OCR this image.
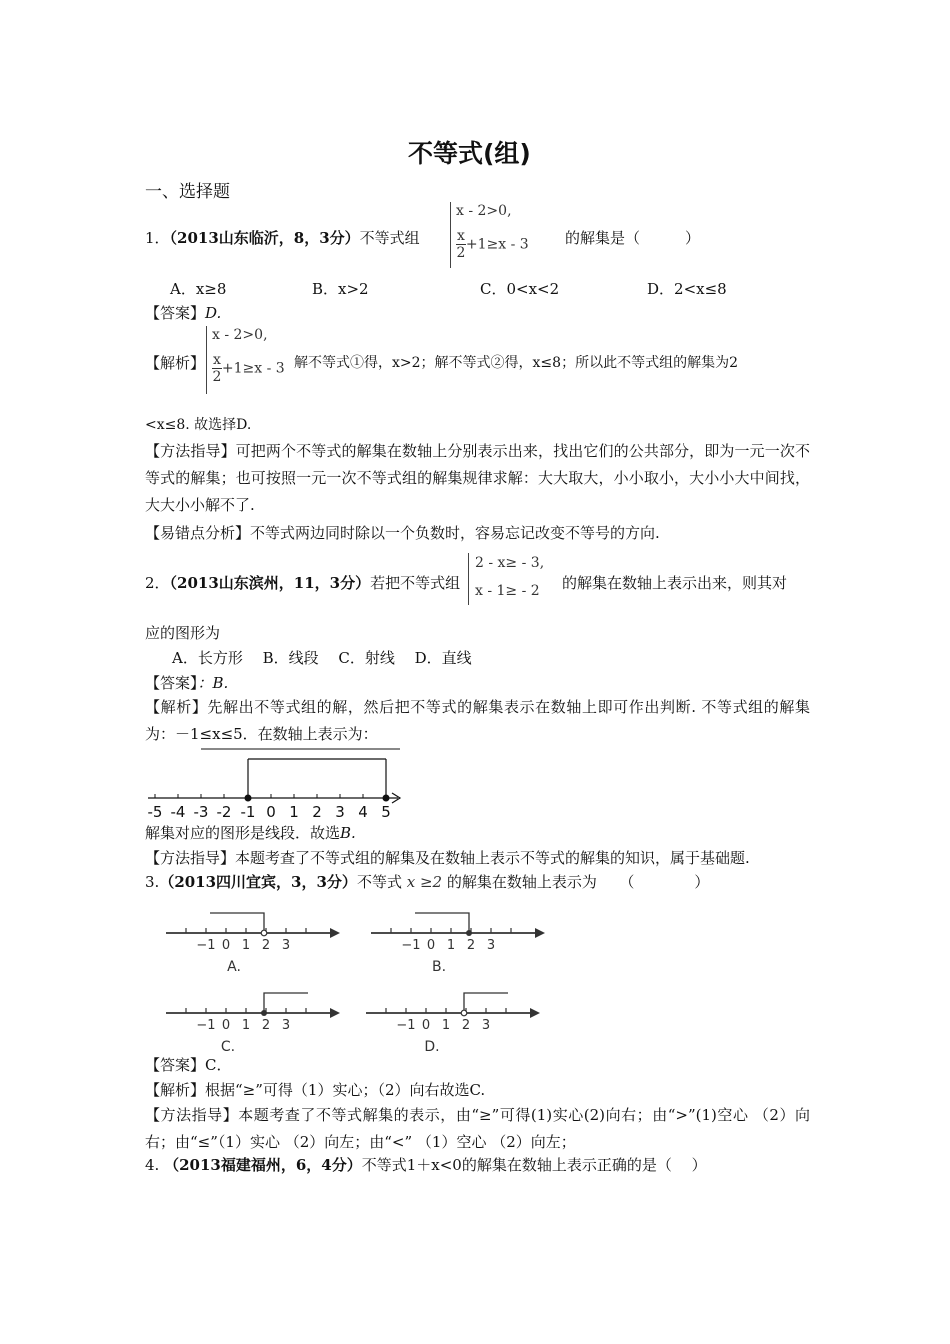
不等式(组)
一、选择题
1．（2013山东临沂，8，3分）不等式组
x - 2>0,
$\frac{x}{2} +1\ge x - 3$ 的解集是（　　　）
A．x≥8	B．x>2	C．0<x<2	D．2<x≤8
【答案】D.
【解析】
x - 2>0,
$\frac{x}{2} +1\ge x - 3$ 解不等式①得，x>2；解不等式②得，x≤8；所以此不等式组的解集为2
<x≤8. 故选择D.
【方法指导】可把两个不等式的解集在数轴上分别表示出来，找出它们的公共部分，即为一元一次不等式的解集；也可按照一元一次不等式组的解集规律求解：大大取大，小小取小，大小小大中间找，大大小小解不了.
【易错点分析】不等式两边同时除以一个负数时，容易忘记改变不等号的方向.
2．（2013山东滨州，11，3分）若把不等式组
2 - x≥ - 3,
x - 1≥ - 2 的解集在数轴上表示出来，则其对
应的图形为
A．长方形　 B．线段　 C．射线　 D．直线
【答案】：B.
【解析】先解出不等式组的解，然后把不等式的解集表示在数轴上即可作出判断. 不等式组的解集为：－1≤x≤5．在数轴上表示为：
-5 -4 -3 -2 -1 0 1 2 3 4 5
解集对应的图形是线段．故选B.
【方法指导】本题考查了不等式组的解集及在数轴上表示不等式的解集的知识，属于基础题.
3.（2013四川宜宾，3，3分）不等式 x ≥2 的解集在数轴上表示为　　（　　　　）
−1 0 1 2 3
A.
−1 0 1 2 3
B.
−1 0 1 2 3
C.
−1 0 1 2 3
D.
【答案】C．
【解析】根据“≥”可得（1）实心；（2）向右故选C.
【方法指导】本题考查了不等式解集的表示，由“≥”可得(1)实心(2)向右；由“>”(1)空心 （2）向右；由“≤”（1）实心 （2）向左；由“<” （1）空心 （2）向左；
4. （2013福建福州，6，4分）不等式1＋x<0的解集在数轴上表示正确的是（　 ）
